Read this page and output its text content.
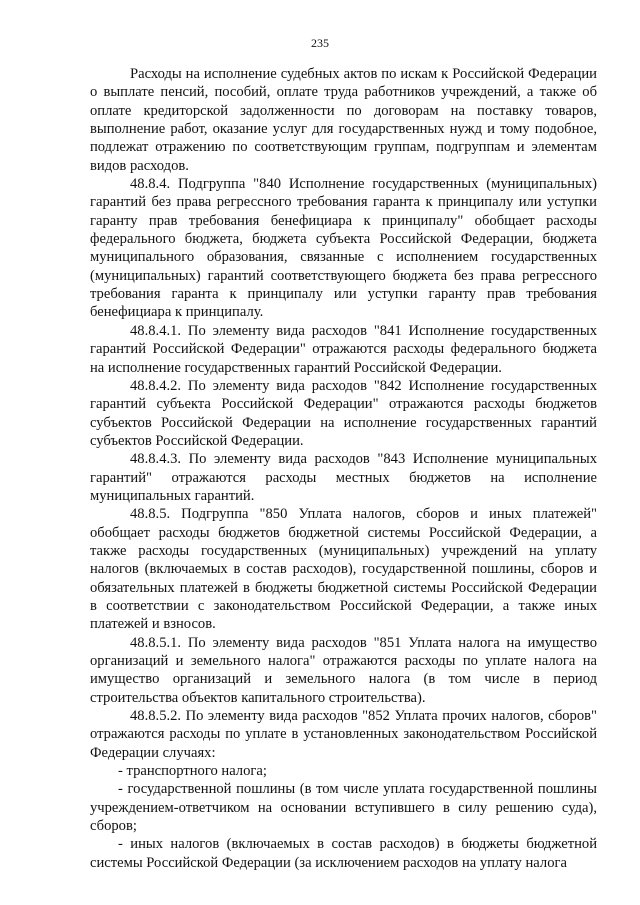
235

Расходы на исполнение судебных актов по искам к Российской Федерации о выплате пенсий, пособий, оплате труда работников учреждений, а также об оплате кредиторской задолженности по договорам на поставку товаров, выполнение работ, оказание услуг для государственных нужд и тому подобное, подлежат отражению по соответствующим группам, подгруппам и элементам видов расходов.

48.8.4. Подгруппа "840 Исполнение государственных (муниципальных) гарантий без права регрессного требования гаранта к принципалу или уступки гаранту прав требования бенефициара к принципалу" обобщает расходы федерального бюджета, бюджета субъекта Российской Федерации, бюджета муниципального образования, связанные с исполнением государственных (муниципальных) гарантий соответствующего бюджета без права регрессного требования гаранта к принципалу или уступки гаранту прав требования бенефициара к принципалу.

48.8.4.1. По элементу вида расходов "841 Исполнение государственных гарантий Российской Федерации" отражаются расходы федерального бюджета на исполнение государственных гарантий Российской Федерации.

48.8.4.2. По элементу вида расходов "842 Исполнение государственных гарантий субъекта Российской Федерации" отражаются расходы бюджетов субъектов Российской Федерации на исполнение государственных гарантий субъектов Российской Федерации.

48.8.4.3. По элементу вида расходов "843 Исполнение муниципальных гарантий" отражаются расходы местных бюджетов на исполнение муниципальных гарантий.

48.8.5. Подгруппа "850 Уплата налогов, сборов и иных платежей" обобщает расходы бюджетов бюджетной системы Российской Федерации, а также расходы государственных (муниципальных) учреждений на уплату налогов (включаемых в состав расходов), государственной пошлины, сборов и обязательных платежей в бюджеты бюджетной системы Российской Федерации в соответствии с законодательством Российской Федерации, а также иных платежей и взносов.

48.8.5.1. По элементу вида расходов "851 Уплата налога на имущество организаций и земельного налога" отражаются расходы по уплате налога на имущество организаций и земельного налога (в том числе в период строительства объектов капитального строительства).

48.8.5.2. По элементу вида расходов "852 Уплата прочих налогов, сборов" отражаются расходы по уплате в установленных законодательством Российской Федерации случаях:

- транспортного налога;

- государственной пошлины (в том числе уплата государственной пошлины учреждением-ответчиком на основании вступившего в силу решению суда), сборов;

- иных налогов (включаемых в состав расходов) в бюджеты бюджетной системы Российской Федерации (за исключением расходов на уплату налога
